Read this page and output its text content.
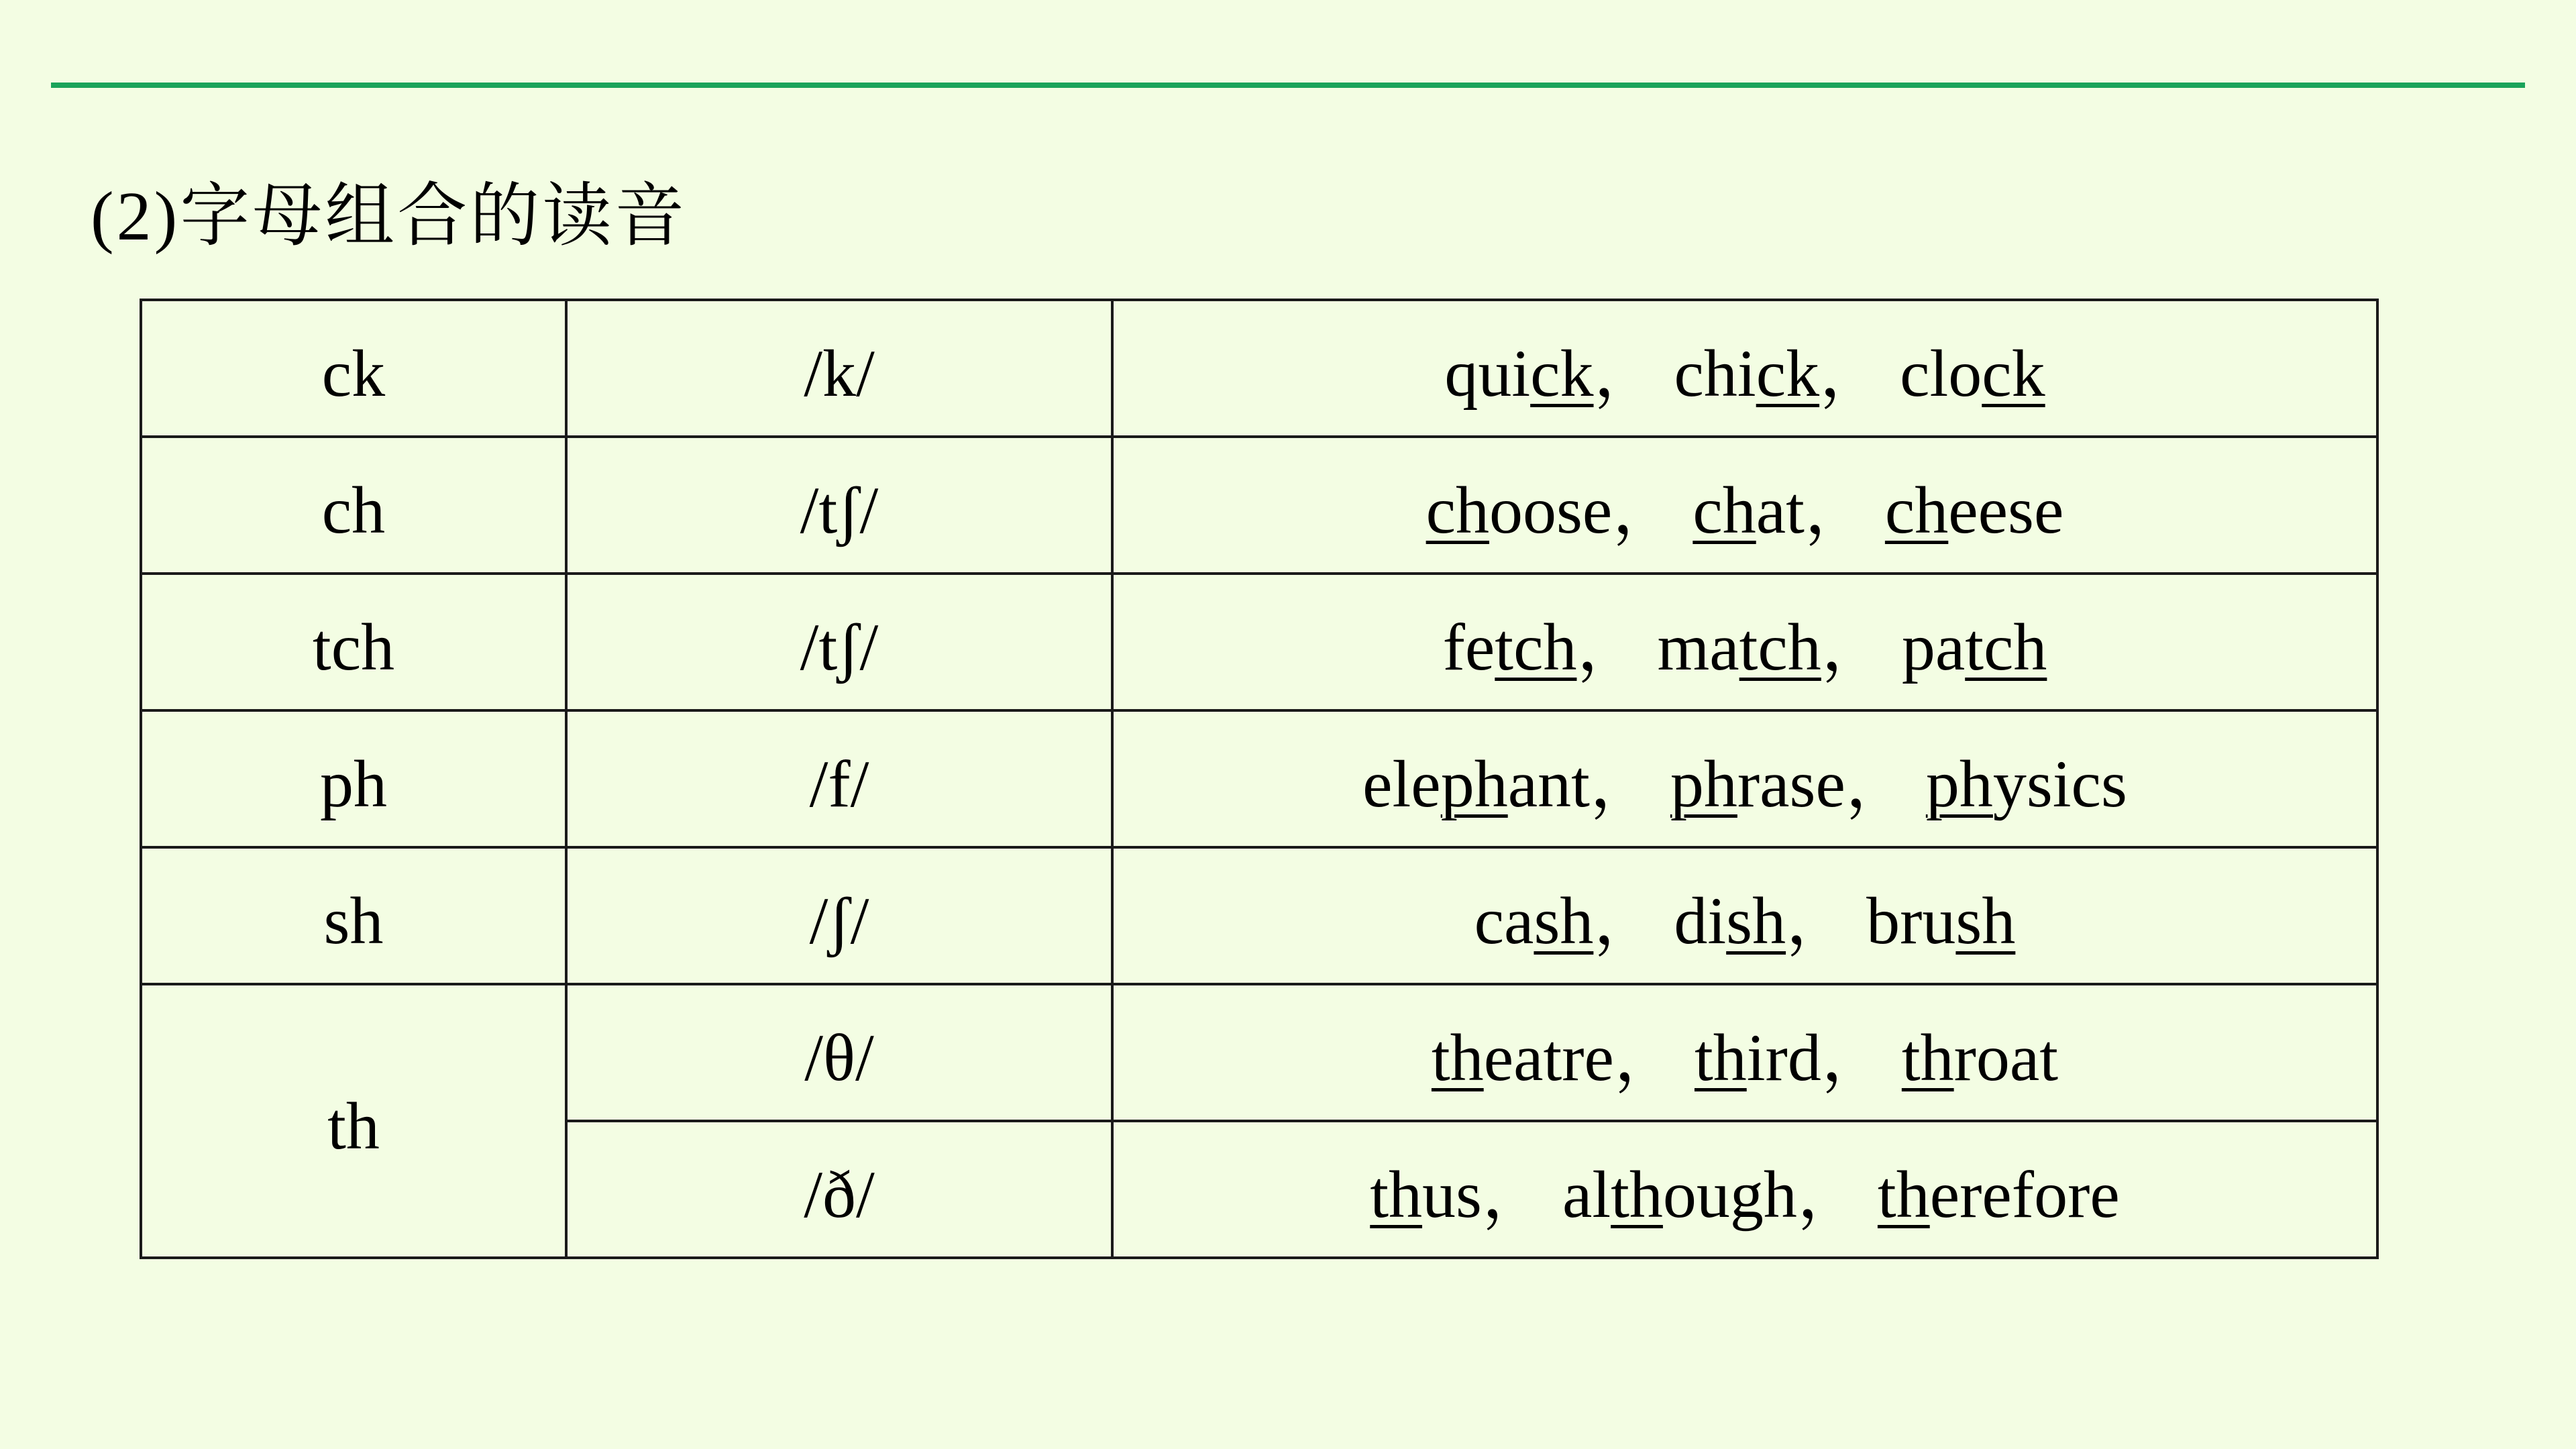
(2)字母组合的读音
ck	/k/	quick， chick， clock
ch	/tʃ/	choose， chat， cheese
tch	/tʃ/	fetch， match， patch
ph	/f/	elephant， phrase， physics
sh	/ʃ/	cash， dish， brush
th	/θ/	theatre， third， throat
	/ð/	thus， although， therefore
